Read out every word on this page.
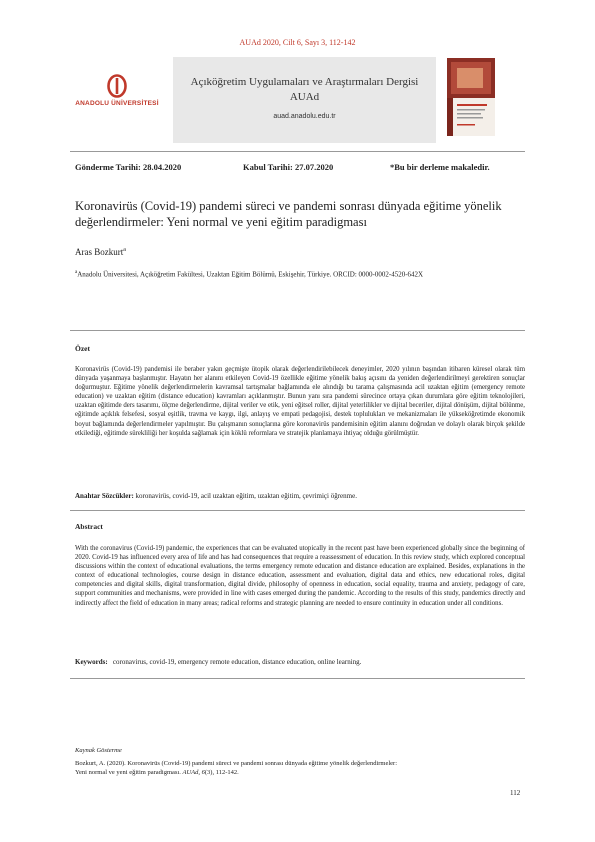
AUAd 2020, Cilt 6, Sayı 3, 112-142
ANADOLU ÜNİVERSİTESİ
Açıköğretim Uygulamaları ve Araştırmaları Dergisi
AUAd
auad.anadolu.edu.tr
Gönderme Tarihi: 28.04.2020	Kabul Tarihi: 27.07.2020	*Bu bir derleme makaledir.
Koronavirüs (Covid-19) pandemi süreci ve pandemi sonrası dünyada eğitime yönelik değerlendirmeler: Yeni normal ve yeni eğitim paradigması
Aras Bozkurt$^a$
$^a$Anadolu Üniversitesi, Açıköğretim Fakültesi, Uzaktan Eğitim Bölümü, Eskişehir, Türkiye. ORCID: 0000-0002-4520-642X
Özet
Koronavirüs (Covid-19) pandemisi ile beraber yakın geçmişte ütopik olarak değerlendirilebilecek deneyimler, 2020 yılının başından itibaren küresel olarak tüm dünyada yaşanmaya başlanmıştır. Hayatın her alanını etkileyen Covid-19 özellikle eğitime yönelik bakış açısını da yeniden değerlendirilmeyi gerektiren sonuçlar doğurmuştur. Eğitime yönelik değerlendirmelerin kavramsal tartışmalar bağlamında ele alındığı bu tarama çalışmasında acil uzaktan eğitim (emergency remote education) ve uzaktan eğitim (distance education) kavramları açıklanmıştır. Bunun yanı sıra pandemi sürecince ortaya çıkan durumlara göre eğitim teknolojileri, uzaktan eğitimde ders tasarımı, ölçme değerlendirme, dijital veriler ve etik, yeni eğitsel roller, dijital yeterlilikler ve dijital beceriler, dijital dönüşüm, dijital bölünme, eğitimde açıklık felsefesi, sosyal eşitlik, travma ve kaygı, ilgi, anlayış ve empati pedagojisi, destek toplulukları ve mekanizmaları ile yükseköğretimde ekonomik boyut bağlamında değerlendirmeler yapılmıştır. Bu çalışmanın sonuçlarına göre koronavirüs pandemisinin eğitim alanını doğrudan ve dolaylı olarak birçok şekilde etkilediği, eğitimde sürekliliği her koşulda sağlamak için köklü reformlara ve stratejik planlamaya ihtiyaç olduğu görülmüştür.
Anahtar Sözcükler: koronavirüs, covid-19, acil uzaktan eğitim, uzaktan eğitim, çevrimiçi öğrenme.
Abstract
With the coronavirus (Covid-19) pandemic, the experiences that can be evaluated utopically in the recent past have been experienced globally since the beginning of 2020. Covid-19 has influenced every area of life and has had consequences that require a reassessment of education. In this review study, which explored conceptual discussions within the context of educational evaluations, the terms emergency remote education and distance education are explained. Besides, explanations in the context of educational technologies, course design in distance education, assessment and evaluation, digital data and ethics, new educational roles, digital competencies and digital skills, digital transformation, digital divide, philosophy of openness in education, social equality, trauma and anxiety, pedagogy of care, support communities and mechanisms, were provided in line with cases emerged during the pandemic. According to the results of this study, pandemics directly and indirectly affect the field of education in many areas; radical reforms and strategic planning are needed to ensure continuity in education under all conditions.
Keywords: coronavirus, covid-19, emergency remote education, distance education, online learning.
Kaynak Gösterme
Bozkurt, A. (2020). Koronavirüs (Covid-19) pandemi süreci ve pandemi sonrası dünyada eğitime yönelik değerlendirmeler:
Yeni normal ve yeni eğitim paradigması. AUAd, 6(3), 112-142.
112
